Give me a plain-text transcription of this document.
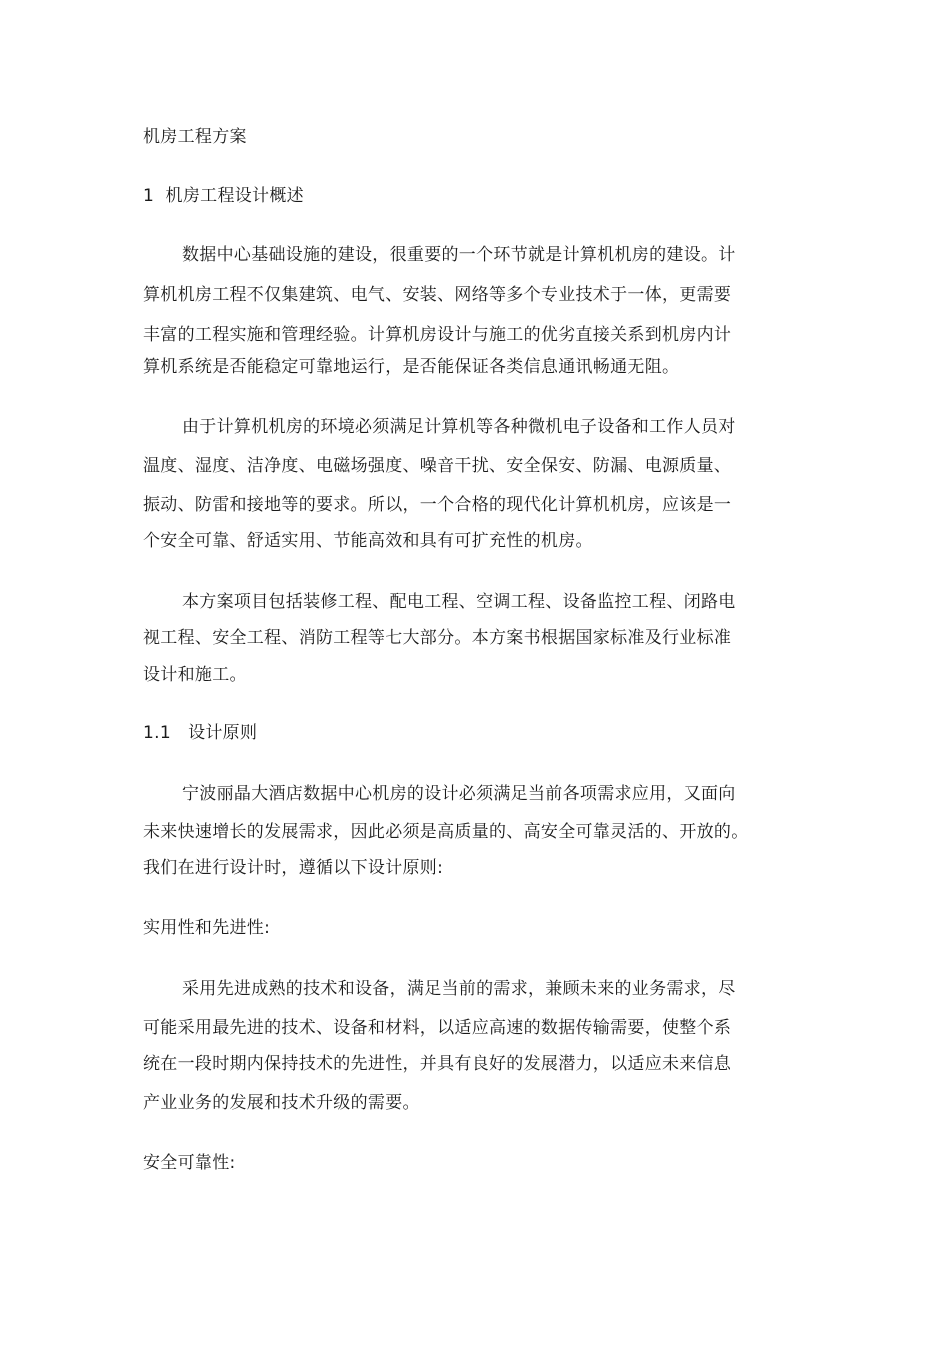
机房工程方案
1 机房工程设计概述
数据中心基础设施的建设，很重要的一个环节就是计算机机房的建设。计
算机机房工程不仅集建筑、电气、安装、网络等多个专业技术于一体，更需要
丰富的工程实施和管理经验。计算机房设计与施工的优劣直接关系到机房内计
算机系统是否能稳定可靠地运行，是否能保证各类信息通讯畅通无阻。
由于计算机机房的环境必须满足计算机等各种微机电子设备和工作人员对
温度、湿度、洁净度、电磁场强度、噪音干扰、安全保安、防漏、电源质量、
振动、防雷和接地等的要求。所以，一个合格的现代化计算机机房，应该是一
个安全可靠、舒适实用、节能高效和具有可扩充性的机房。
本方案项目包括装修工程、配电工程、空调工程、设备监控工程、闭路电
视工程、安全工程、消防工程等七大部分。本方案书根据国家标准及行业标准
设计和施工。
1.1 设计原则
宁波丽晶大酒店数据中心机房的设计必须满足当前各项需求应用，又面向
未来快速增长的发展需求，因此必须是高质量的、高安全可靠灵活的、开放的。
我们在进行设计时，遵循以下设计原则:
实用性和先进性:
采用先进成熟的技术和设备，满足当前的需求，兼顾未来的业务需求，尽
可能采用最先进的技术、设备和材料，以适应高速的数据传输需要，使整个系
统在一段时期内保持技术的先进性，并具有良好的发展潜力，以适应未来信息
产业业务的发展和技术升级的需要。
安全可靠性:
